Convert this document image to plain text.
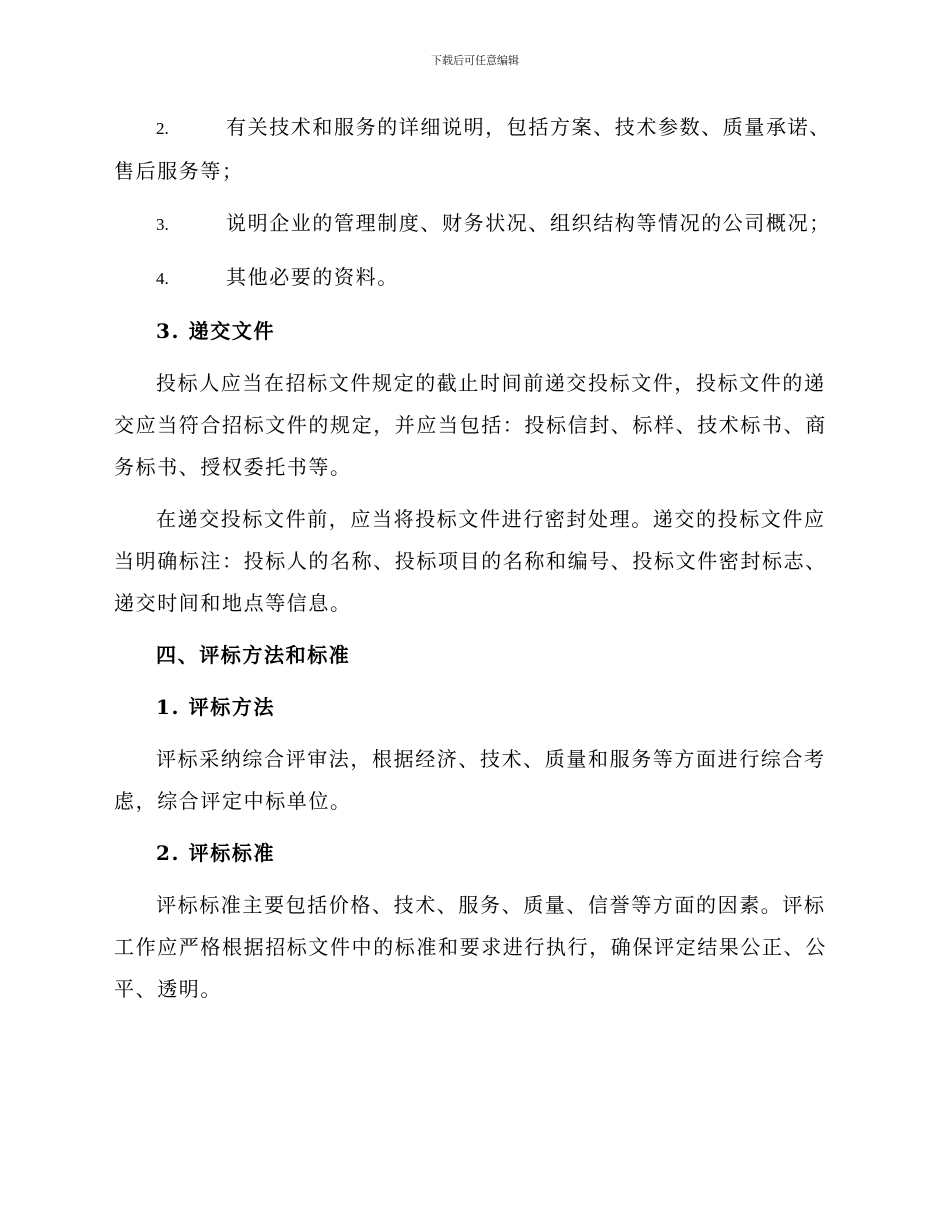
下载后可任意编辑

2.	有关技术和服务的详细说明，包括方案、技术参数、质量承诺、售后服务等；

3.	说明企业的管理制度、财务状况、组织结构等情况的公司概况；

4.	其他必要的资料。

3. 递交文件

投标人应当在招标文件规定的截止时间前递交投标文件，投标文件的递交应当符合招标文件的规定，并应当包括：投标信封、标样、技术标书、商务标书、授权委托书等。

在递交投标文件前，应当将投标文件进行密封处理。递交的投标文件应当明确标注：投标人的名称、投标项目的名称和编号、投标文件密封标志、递交时间和地点等信息。

四、评标方法和标准

1. 评标方法

评标采纳综合评审法，根据经济、技术、质量和服务等方面进行综合考虑，综合评定中标单位。

2. 评标标准

评标标准主要包括价格、技术、服务、质量、信誉等方面的因素。评标工作应严格根据招标文件中的标准和要求进行执行，确保评定结果公正、公平、透明。
